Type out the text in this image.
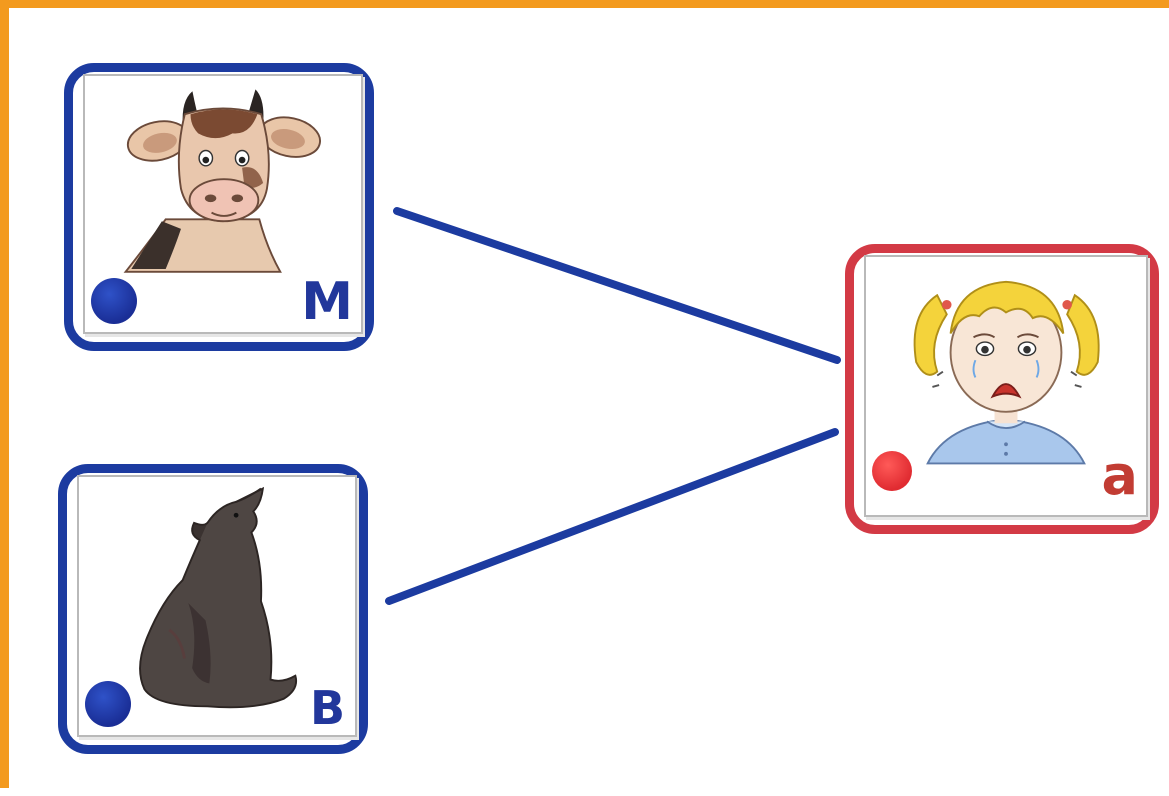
М
В
а
